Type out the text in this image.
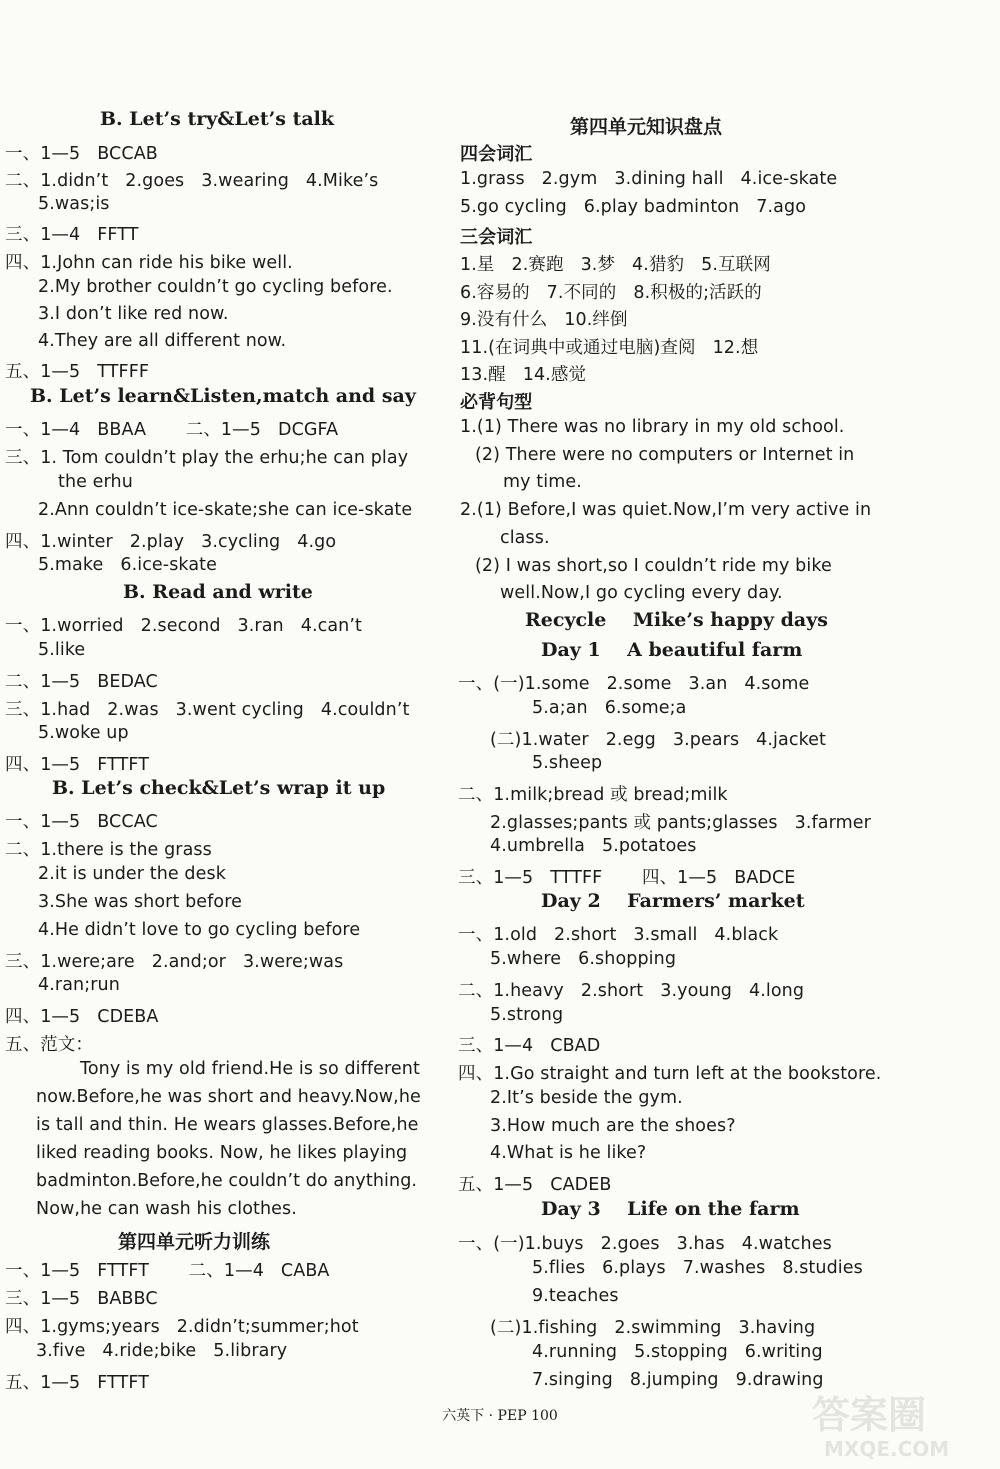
B. Let’s try&Let’s talk
一、1—5   BCCAB
二、1.didn’t   2.goes   3.wearing   4.Mike’s
5.was;is
三、1—4   FFTT
四、1.John can ride his bike well.
2.My brother couldn’t go cycling before.
3.I don’t like red now.
4.They are all different now.
五、1—5   TTFFF
B. Let’s learn&Listen,match and say
一、1—4   BBAA       二、1—5   DCGFA
三、1. Tom couldn’t play the erhu;he can play
the erhu
2.Ann couldn’t ice-skate;she can ice-skate
四、1.winter   2.play   3.cycling   4.go
5.make   6.ice-skate
B. Read and write
一、1.worried   2.second   3.ran   4.can’t
5.like
二、1—5   BEDAC
三、1.had   2.was   3.went cycling   4.couldn’t
5.woke up
四、1—5   FTTFT
B. Let’s check&Let’s wrap it up
一、1—5   BCCAC
二、1.there is the grass
2.it is under the desk
3.She was short before
4.He didn’t love to go cycling before
三、1.were;are   2.and;or   3.were;was
4.ran;run
四、1—5   CDEBA
五、范文：
Tony is my old friend.He is so different
now.Before,he was short and heavy.Now,he
is tall and thin. He wears glasses.Before,he
liked reading books. Now, he likes playing
badminton.Before,he couldn’t do anything.
Now,he can wash his clothes.
第四单元听力训练
一、1—5   FTTFT       二、1—4   CABA
三、1—5   BABBC
四、1.gyms;years   2.didn’t;summer;hot
3.five   4.ride;bike   5.library
五、1—5   FTTFT
第四单元知识盘点
四会词汇
1.grass   2.gym   3.dining hall   4.ice-skate
5.go cycling   6.play badminton   7.ago
三会词汇
1.星   2.赛跑   3.梦   4.猎豹   5.互联网
6.容易的   7.不同的   8.积极的;活跃的
9.没有什么   10.绊倒
11.(在词典中或通过电脑)查阅   12.想
13.醒   14.感觉
必背句型
1.(1) There was no library in my old school.
(2) There were no computers or Internet in
my time.
2.(1) Before,I was quiet.Now,I’m very active in
class.
(2) I was short,so I couldn’t ride my bike
well.Now,I go cycling every day.
Recycle    Mike’s happy days
Day 1    A beautiful farm
一、(一)1.some   2.some   3.an   4.some
5.a;an   6.some;a
(二)1.water   2.egg   3.pears   4.jacket
5.sheep
二、1.milk;bread 或 bread;milk
2.glasses;pants 或 pants;glasses   3.farmer
4.umbrella   5.potatoes
三、1—5   TTTFF       四、1—5   BADCE
Day 2    Farmers’ market
一、1.old   2.short   3.small   4.black
5.where   6.shopping
二、1.heavy   2.short   3.young   4.long
5.strong
三、1—4   CBAD
四、1.Go straight and turn left at the bookstore.
2.It’s beside the gym.
3.How much are the shoes?
4.What is he like?
五、1—5   CADEB
Day 3    Life on the farm
一、(一)1.buys   2.goes   3.has   4.watches
5.flies   6.plays   7.washes   8.studies
9.teaches
(二)1.fishing   2.swimming   3.having
4.running   5.stopping   6.writing
7.singing   8.jumping   9.drawing
六英下 · PEP 100	答案圈
MXQE.COM
